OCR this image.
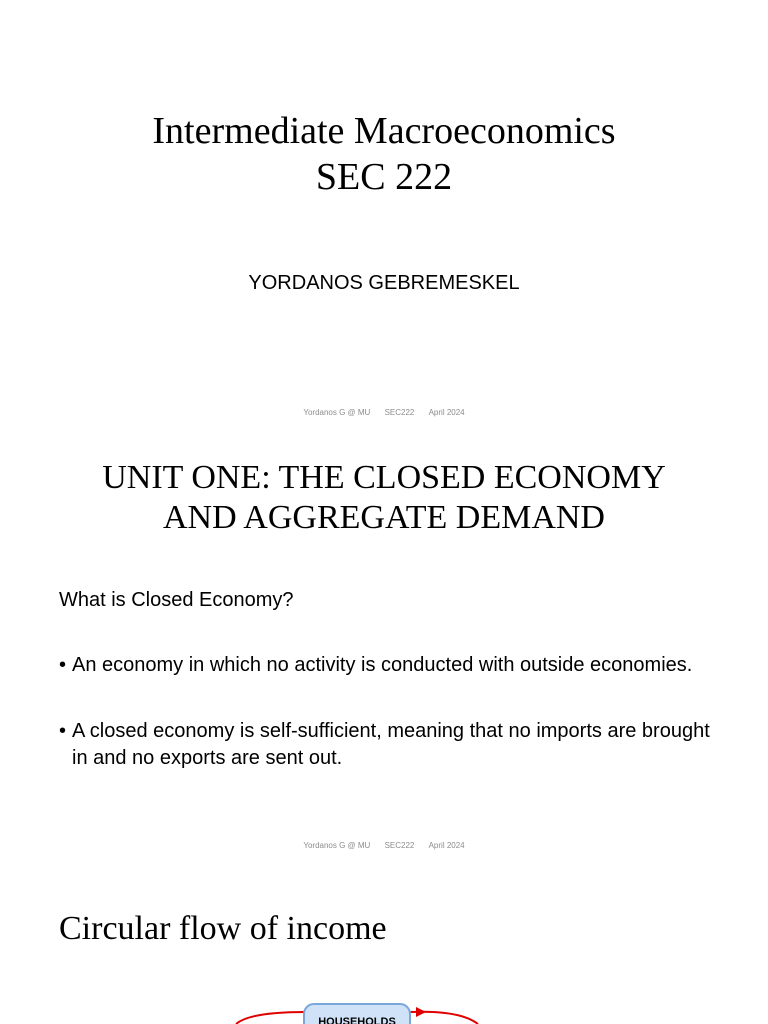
Intermediate Macroeconomics
SEC 222
YORDANOS GEBREMESKEL
Yordanos G @ MU SEC222 April 2024
UNIT ONE: THE CLOSED ECONOMY
AND AGGREGATE DEMAND
What is Closed Economy?
• An economy in which no activity is conducted with outside economies.
• A closed economy is self-sufficient, meaning that no imports are brought in and no exports are sent out.
Yordanos G @ MU SEC222 April 2024
Circular flow of income
HOUSEHOLDS
